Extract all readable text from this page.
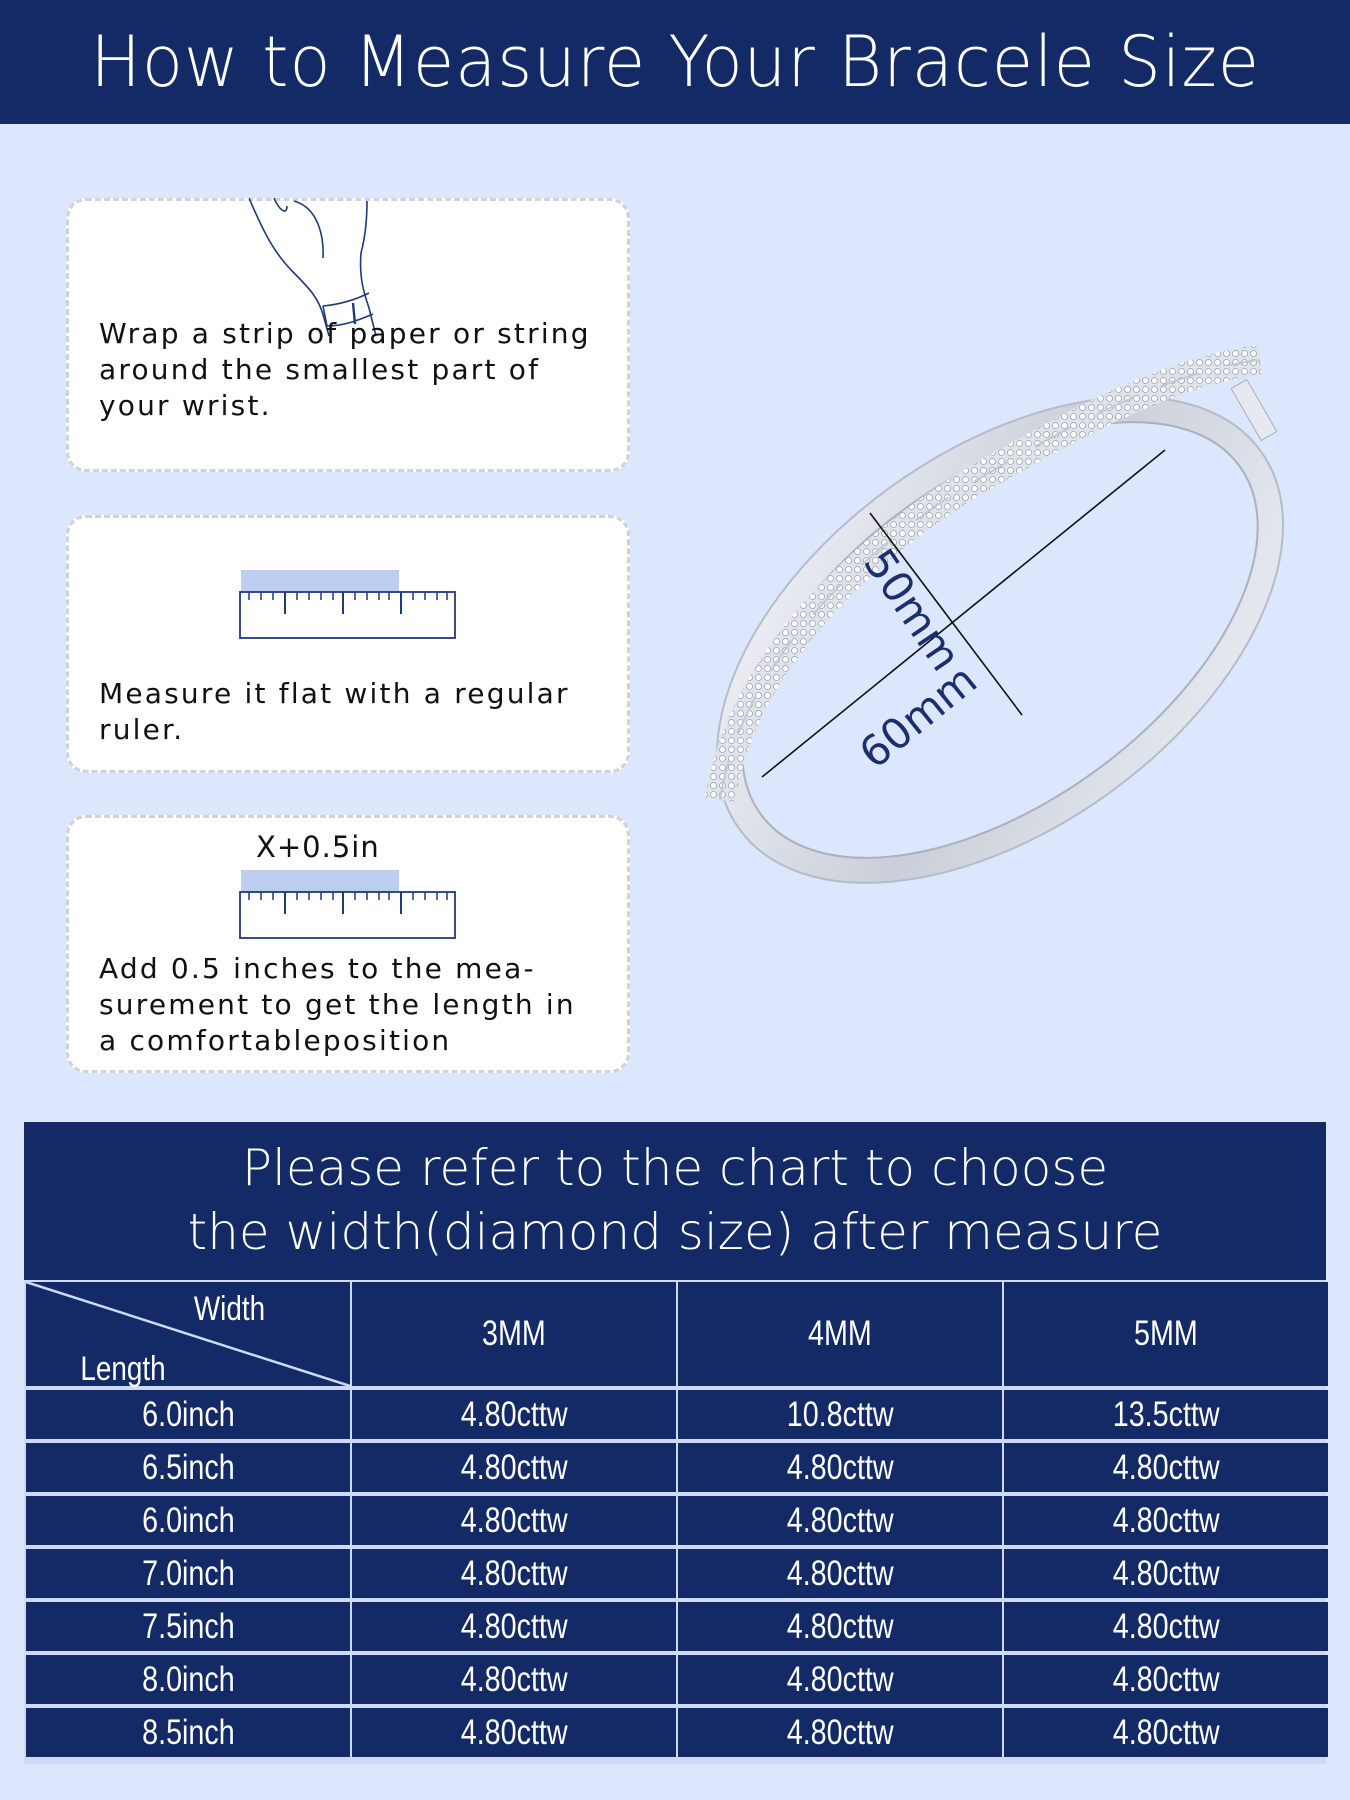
How to Measure Your Bracele Size
Wrap a strip of paper or string
around the smallest part of
your wrist.
Measure it flat with a regular
ruler.
X+0.5in
Add 0.5 inches to the mea-
surement to get the length in
a comfortableposition
50mm
60mm
Please refer to the chart to choose
the width(diamond size) after measure
Width
Length
3MM	4MM	5MM
6.0inch	4.80cttw	10.8cttw	13.5cttw
6.5inch	4.80cttw	4.80cttw	4.80cttw
6.0inch	4.80cttw	4.80cttw	4.80cttw
7.0inch	4.80cttw	4.80cttw	4.80cttw
7.5inch	4.80cttw	4.80cttw	4.80cttw
8.0inch	4.80cttw	4.80cttw	4.80cttw
8.5inch	4.80cttw	4.80cttw	4.80cttw
